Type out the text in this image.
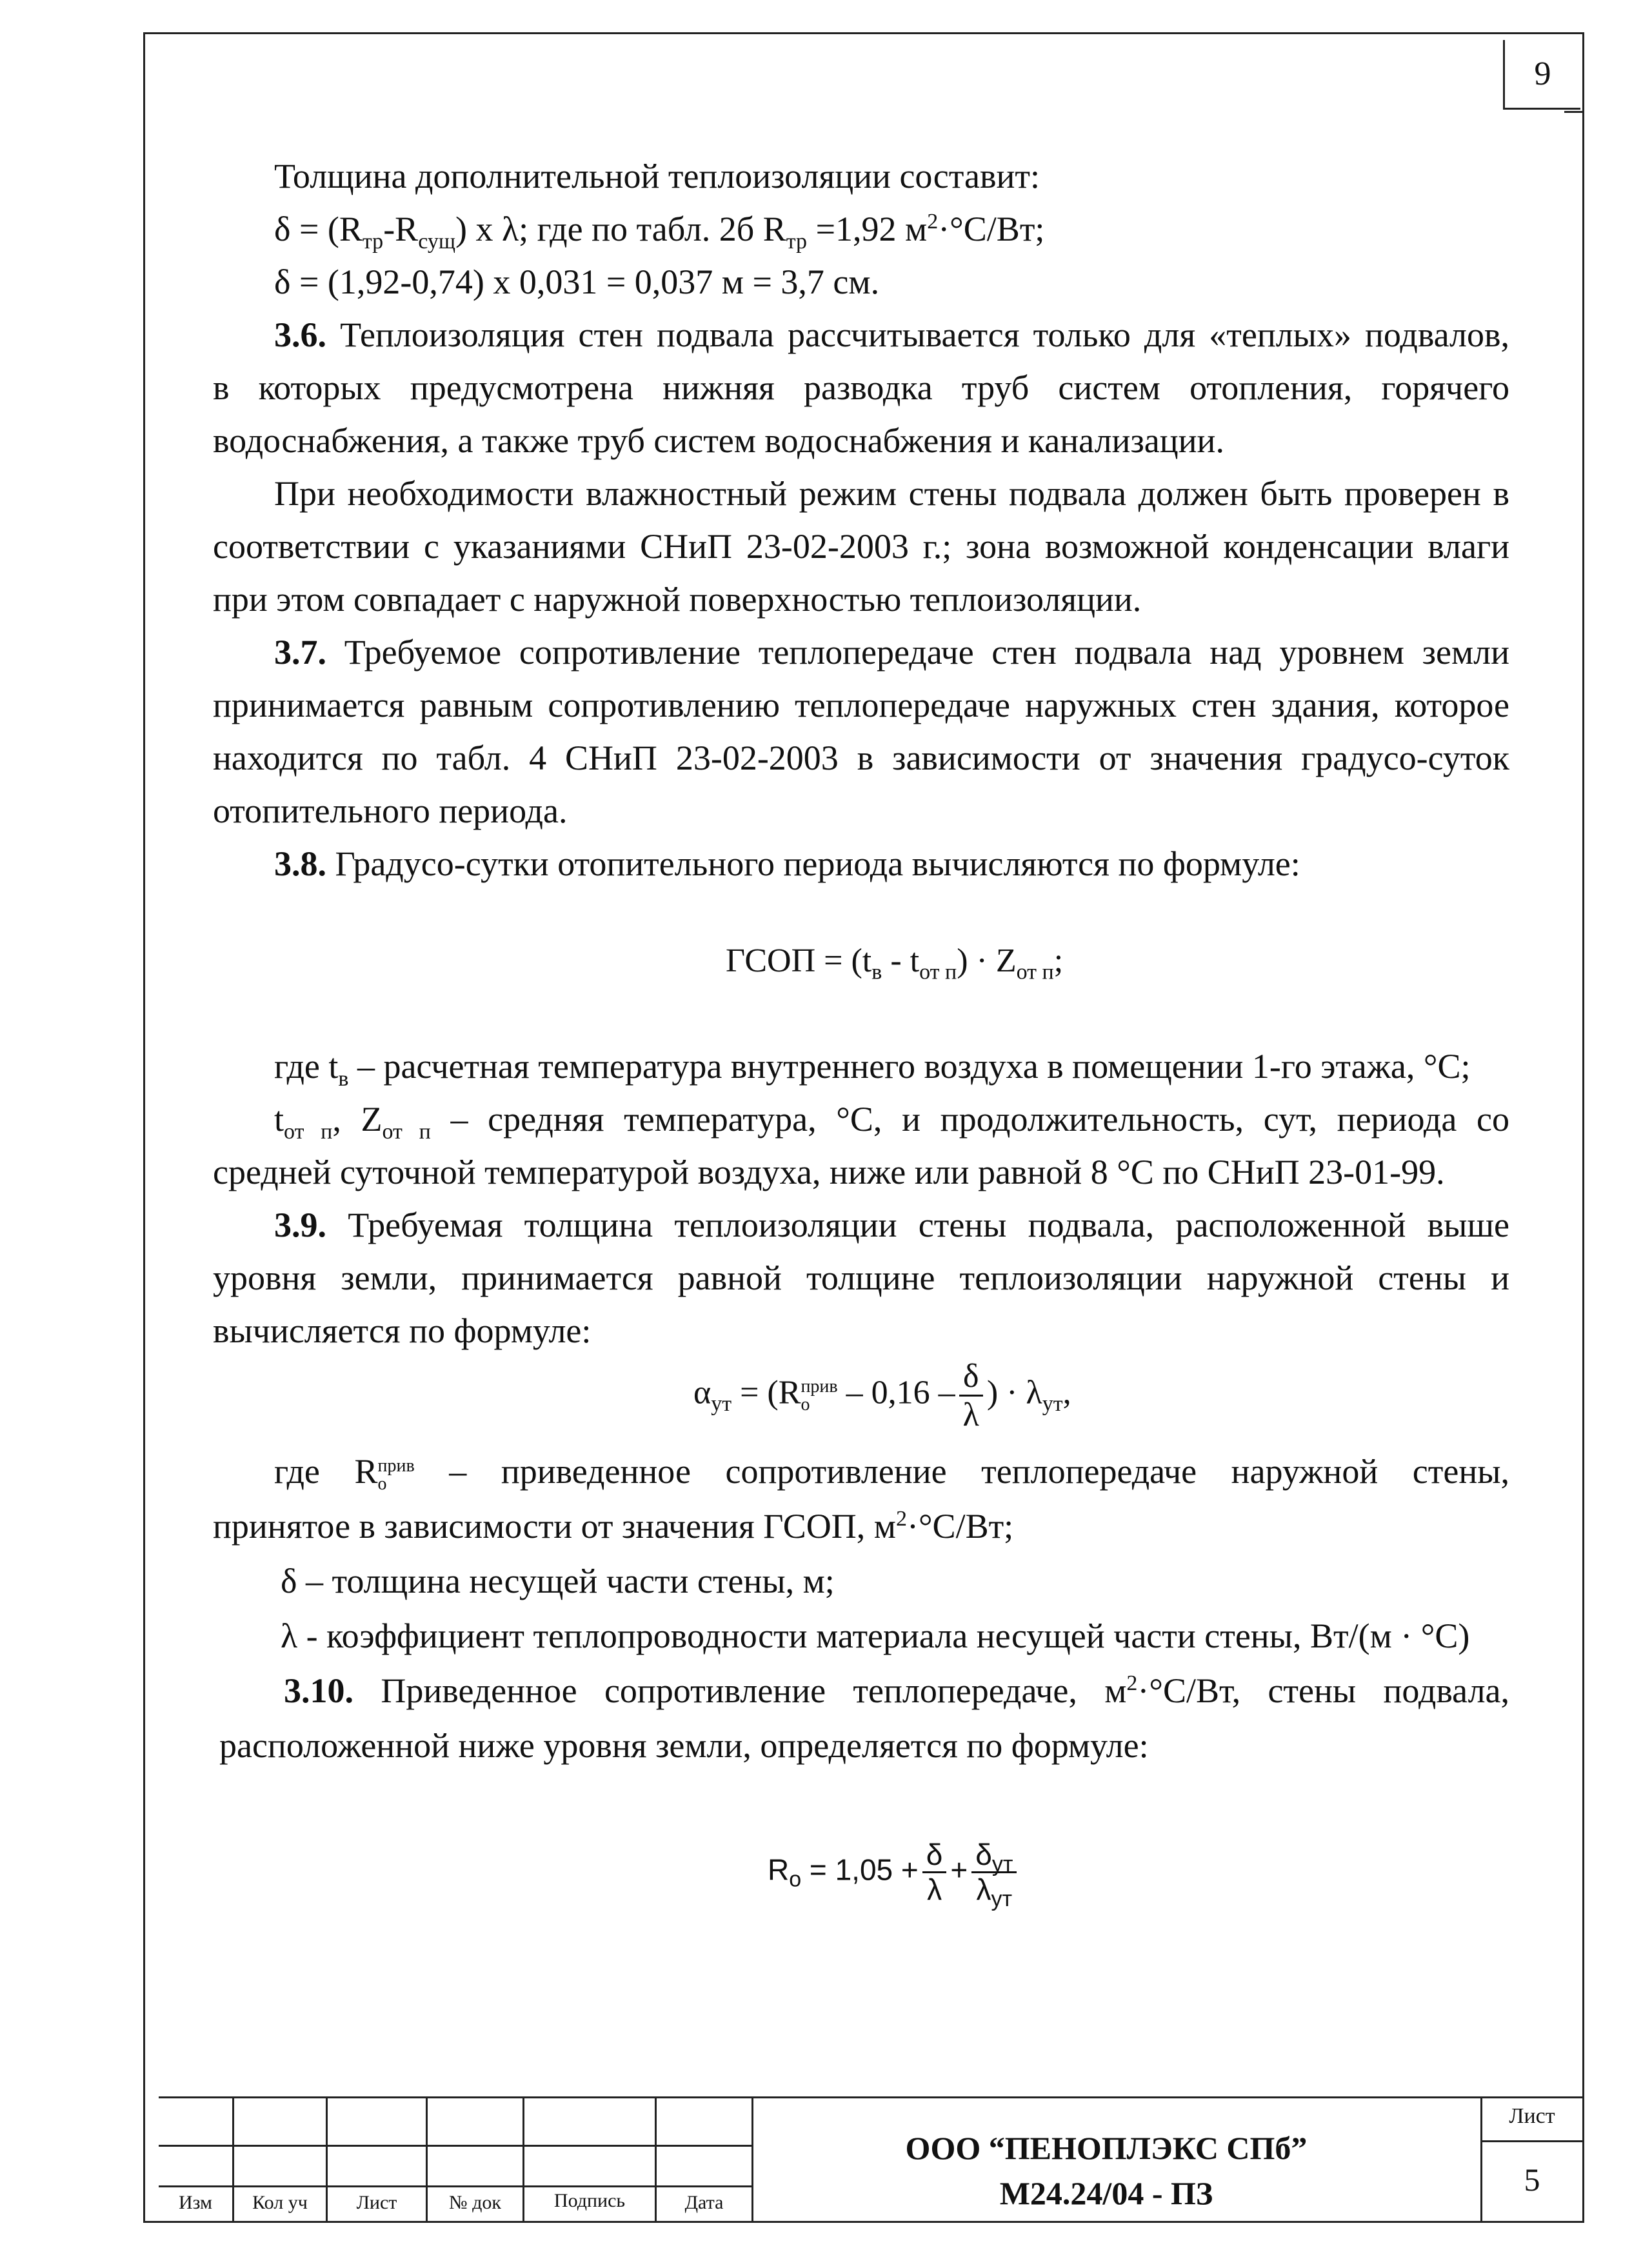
9
Толщина дополнительной теплоизоляции составит:
$\delta = (R_{тр}-R_{сущ})$ х λ; где по табл. 2б $R_{тр} =1,92$ $м^2\cdot^\circ С/Вт$;
δ = (1,92-0,74) х 0,031 = 0,037 м = 3,7 см.
3.6. Теплоизоляция стен подвала рассчитывается только для «теплых» подвалов,
в которых предусмотрена нижняя разводка труб систем отопления, горячего
водоснабжения, а также труб систем водоснабжения и канализации.
При необходимости влажностный режим стены подвала должен быть проверен в
соответствии с указаниями СНиП 23-02-2003 г.; зона возможной конденсации влаги
при этом совпадает с наружной поверхностью теплоизоляции.
3.7. Требуемое сопротивление теплопередаче стен подвала над уровнем земли
принимается равным сопротивлению теплопередаче наружных стен здания, которое
находится по табл. 4 СНиП 23-02-2003 в зависимости от значения градусо-суток
отопительного периода.
3.8. Градусо-сутки отопительного периода вычисляются по формуле:
ГСОП = $(t_в - t_{от п}) \cdot Z_{от п}$;
где $t_в$ – расчетная температура внутреннего воздуха в помещении 1-го этажа, °С;
$t_{от п}$, $Z_{от п}$ – средняя температура, °С, и продолжительность, сут, периода со
средней суточной температурой воздуха, ниже или равной 8 °С по СНиП 23-01-99.
3.9. Требуемая толщина теплоизоляции стены подвала, расположенной выше
уровня земли, принимается равной толщине теплоизоляции наружной стены и
вычисляется по формуле:
$\alpha_{ут} = (R$ прив
о – $0,16 - \frac{\delta}{\lambda}$ ) · $\lambda_{ут}$,
где R прив
о – приведенное сопротивление теплопередаче наружной стены,
принятое в зависимости от значения ГСОП, $м^2\cdot^\circ С/Вт$;
δ – толщина несущей части стены, м;
λ - коэффициент теплопроводности материала несущей части стены, Вт/(м · °С)
3.10. Приведенное сопротивление теплопередаче, $м^2\cdot^\circ С/Вт$, стены подвала,
расположенной ниже уровня земли, определяется по формуле:
$R_o = 1,05 + \frac{\delta}{\lambda} + \frac{\delta_{ут}}{\lambda_{ут}}$
Изм	Кол уч	Лист	№ док	Подпись	Дата
ООО “ПЕНОПЛЭКС СПб”
М24.24/04 - ПЗ
Лист
5
